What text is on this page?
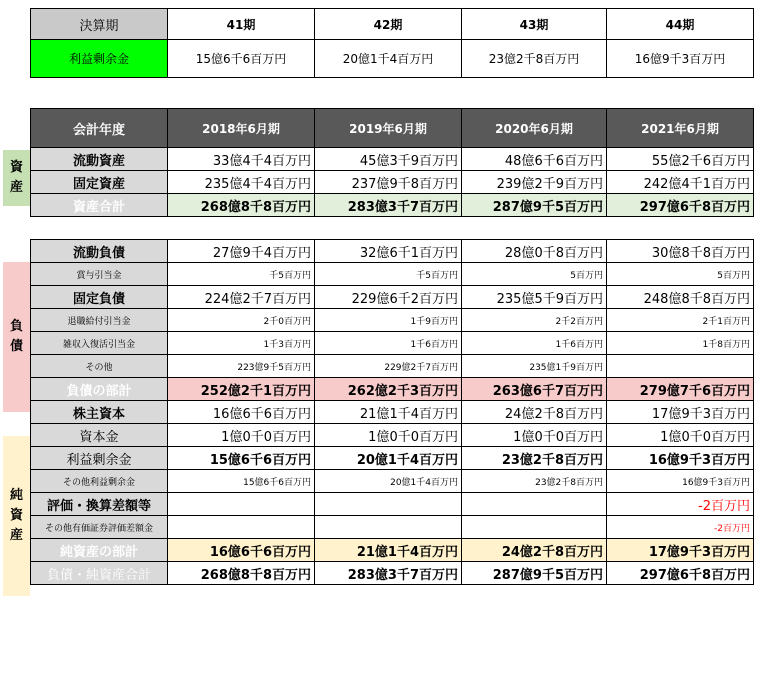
決算期	41期	42期	43期	44期
利益剰余金	15億6千6百万円	20億1千4百万円	23億2千8百万円	16億9千3百万円
資
産
負
債
純
資
産
会計年度	2018年6月期	2019年6月期	2020年6月期	2021年6月期
流動資産	33億4千4百万円	45億3千9百万円	48億6千6百万円	55億2千6百万円
固定資産	235億4千4百万円	237億9千8百万円	239億2千9百万円	242億4千1百万円
資産合計	268億8千8百万円	283億3千7百万円	287億9千5百万円	297億6千8百万円

流動負債	27億9千4百万円	32億6千1百万円	28億0千8百万円	30億8千8百万円
賞与引当金	千5百万円	千5百万円	5百万円	5百万円
固定負債	224億2千7百万円	229億6千2百万円	235億5千9百万円	248億8千8百万円
退職給付引当金	2千0百万円	1千9百万円	2千2百万円	2千1百万円
雑収入復活引当金	1千3百万円	1千6百万円	1千6百万円	1千8百万円
その他	223億9千5百万円	229億2千7百万円	235億1千9百万円	
負債の部計	252億2千1百万円	262億2千3百万円	263億6千7百万円	279億7千6百万円
株主資本	16億6千6百万円	21億1千4百万円	24億2千8百万円	17億9千3百万円
資本金	1億0千0百万円	1億0千0百万円	1億0千0百万円	1億0千0百万円
利益剰余金	15億6千6百万円	20億1千4百万円	23億2千8百万円	16億9千3百万円
その他利益剰余金	15億6千6百万円	20億1千4百万円	23億2千8百万円	16億9千3百万円
評価・換算差額等				-2百万円
その他有価証券評価差額金				-2百万円
純資産の部計	16億6千6百万円	21億1千4百万円	24億2千8百万円	17億9千3百万円
負債・純資産合計	268億8千8百万円	283億3千7百万円	287億9千5百万円	297億6千8百万円
